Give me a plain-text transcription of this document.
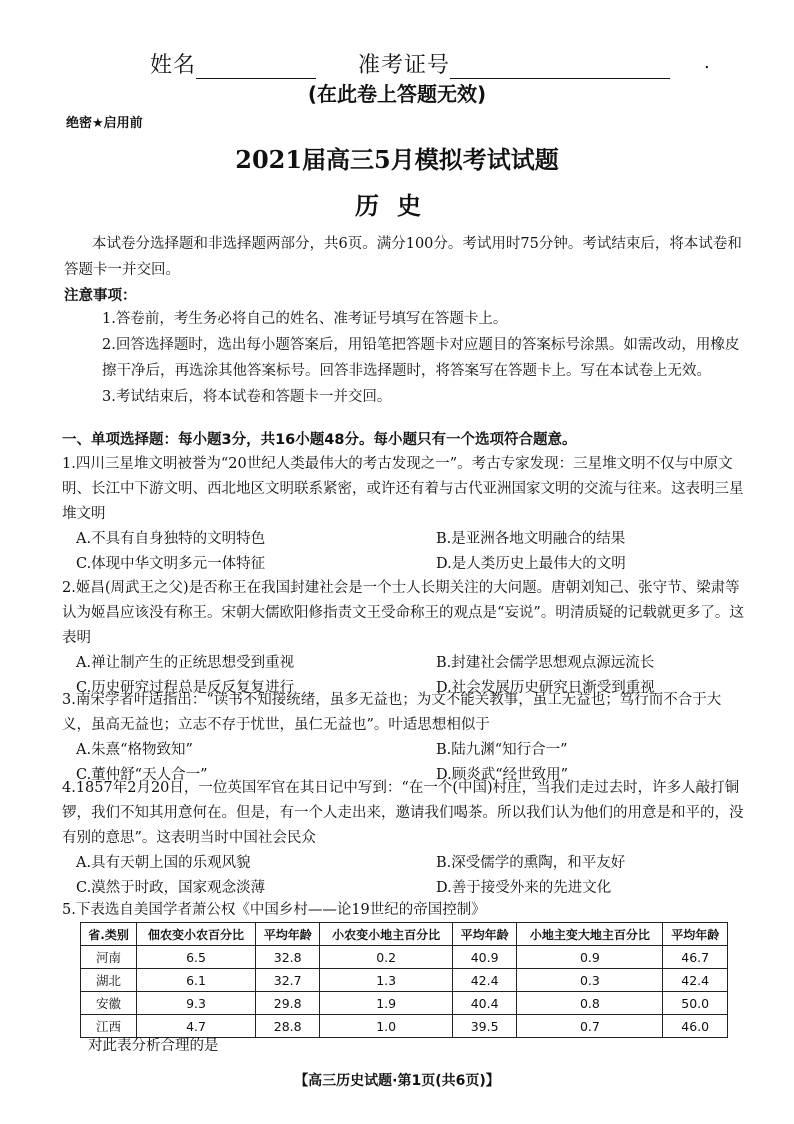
姓名	准考证号	.
(在此卷上答题无效)
绝密★启用前
2021届高三5月模拟考试试题
历史
本试卷分选择题和非选择题两部分，共6页。满分100分。考试用时75分钟。考试结束后，将本试卷和答题卡一并交回。
注意事项：

1.答卷前，考生务必将自己的姓名、准考证号填写在答题卡上。

2.回答选择题时，选出每小题答案后，用铅笔把答题卡对应题目的答案标号涂黑。如需改动，用橡皮擦干净后，再选涂其他答案标号。回答非选择题时，将答案写在答题卡上。写在本试卷上无效。

3.考试结束后，将本试卷和答题卡一并交回。

一、单项选择题：每小题3分，共16小题48分。每小题只有一个选项符合题意。

1.四川三星堆文明被誉为“20世纪人类最伟大的考古发现之一”。考古专家发现：三星堆文明不仅与中原文明、长江中下游文明、西北地区文明联系紧密，或许还有着与古代亚洲国家文明的交流与往来。这表明三星堆文明

A.不具有自身独特的文明特色	B.是亚洲各地文明融合的结果
C.体现中华文明多元一体特征	D.是人类历史上最伟大的文明

2.姬昌(周武王之父)是否称王在我国封建社会是一个士人长期关注的大问题。唐朝刘知己、张守节、梁肃等认为姬昌应该没有称王。宋朝大儒欧阳修指责文王受命称王的观点是“妄说”。明清质疑的记载就更多了。这表明

A.禅让制产生的正统思想受到重视	B.封建社会儒学思想观点源远流长
C.历史研究过程总是反反复复进行	D.社会发展历史研究日渐受到重视

3.南宋学者叶适指出：“读书不知接统绪，虽多无益也；为文不能关教事，虽工无益也；笃行而不合于大义，虽高无益也；立志不存于忧世，虽仁无益也”。叶适思想相似于

A.朱熹“格物致知”	B.陆九渊“知行合一”
C.董仲舒“天人合一”	D.顾炎武“经世致用”

4.1857年2月20日，一位英国军官在其日记中写到：“在一个(中国)村庄，当我们走过去时，许多人敲打铜锣，我们不知其用意何在。但是，有一个人走出来，邀请我们喝茶。所以我们认为他们的用意是和平的，没有别的意思”。这表明当时中国社会民众

A.具有天朝上国的乐观风貌	B.深受儒学的熏陶，和平友好
C.漠然于时政，国家观念淡薄	D.善于接受外来的先进文化

5.下表选自美国学者萧公权《中国乡村——论19世纪的帝国控制》

省.类别	佃农变小农百分比	平均年龄	小农变小地主百分比	平均年龄	小地主变大地主百分比	平均年龄
河南	6.5	32.8	0.2	40.9	0.9	46.7
湖北	6.1	32.7	1.3	42.4	0.3	42.4
安徽	9.3	29.8	1.9	40.4	0.8	50.0
江西	4.7	28.8	1.0	39.5	0.7	46.0
对此表分析合理的是
【高三历史试题·第1页(共6页)】
